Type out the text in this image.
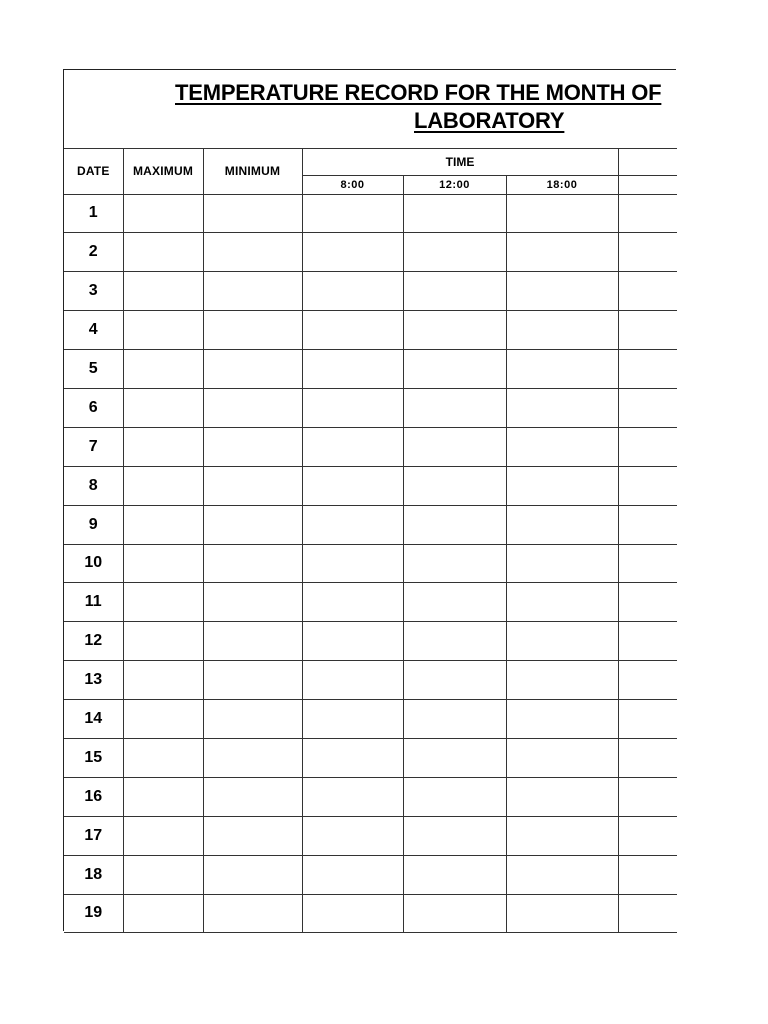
TEMPERATURE RECORD FOR THE MONTH OF
LABORATORY
DATE	MAXIMUM	MINIMUM	TIME			
			8:00	12:00	18:00	
1						
2						
3						
4						
5						
6						
7						
8						
9						
10						
11						
12						
13						
14						
15						
16						
17						
18						
19						
